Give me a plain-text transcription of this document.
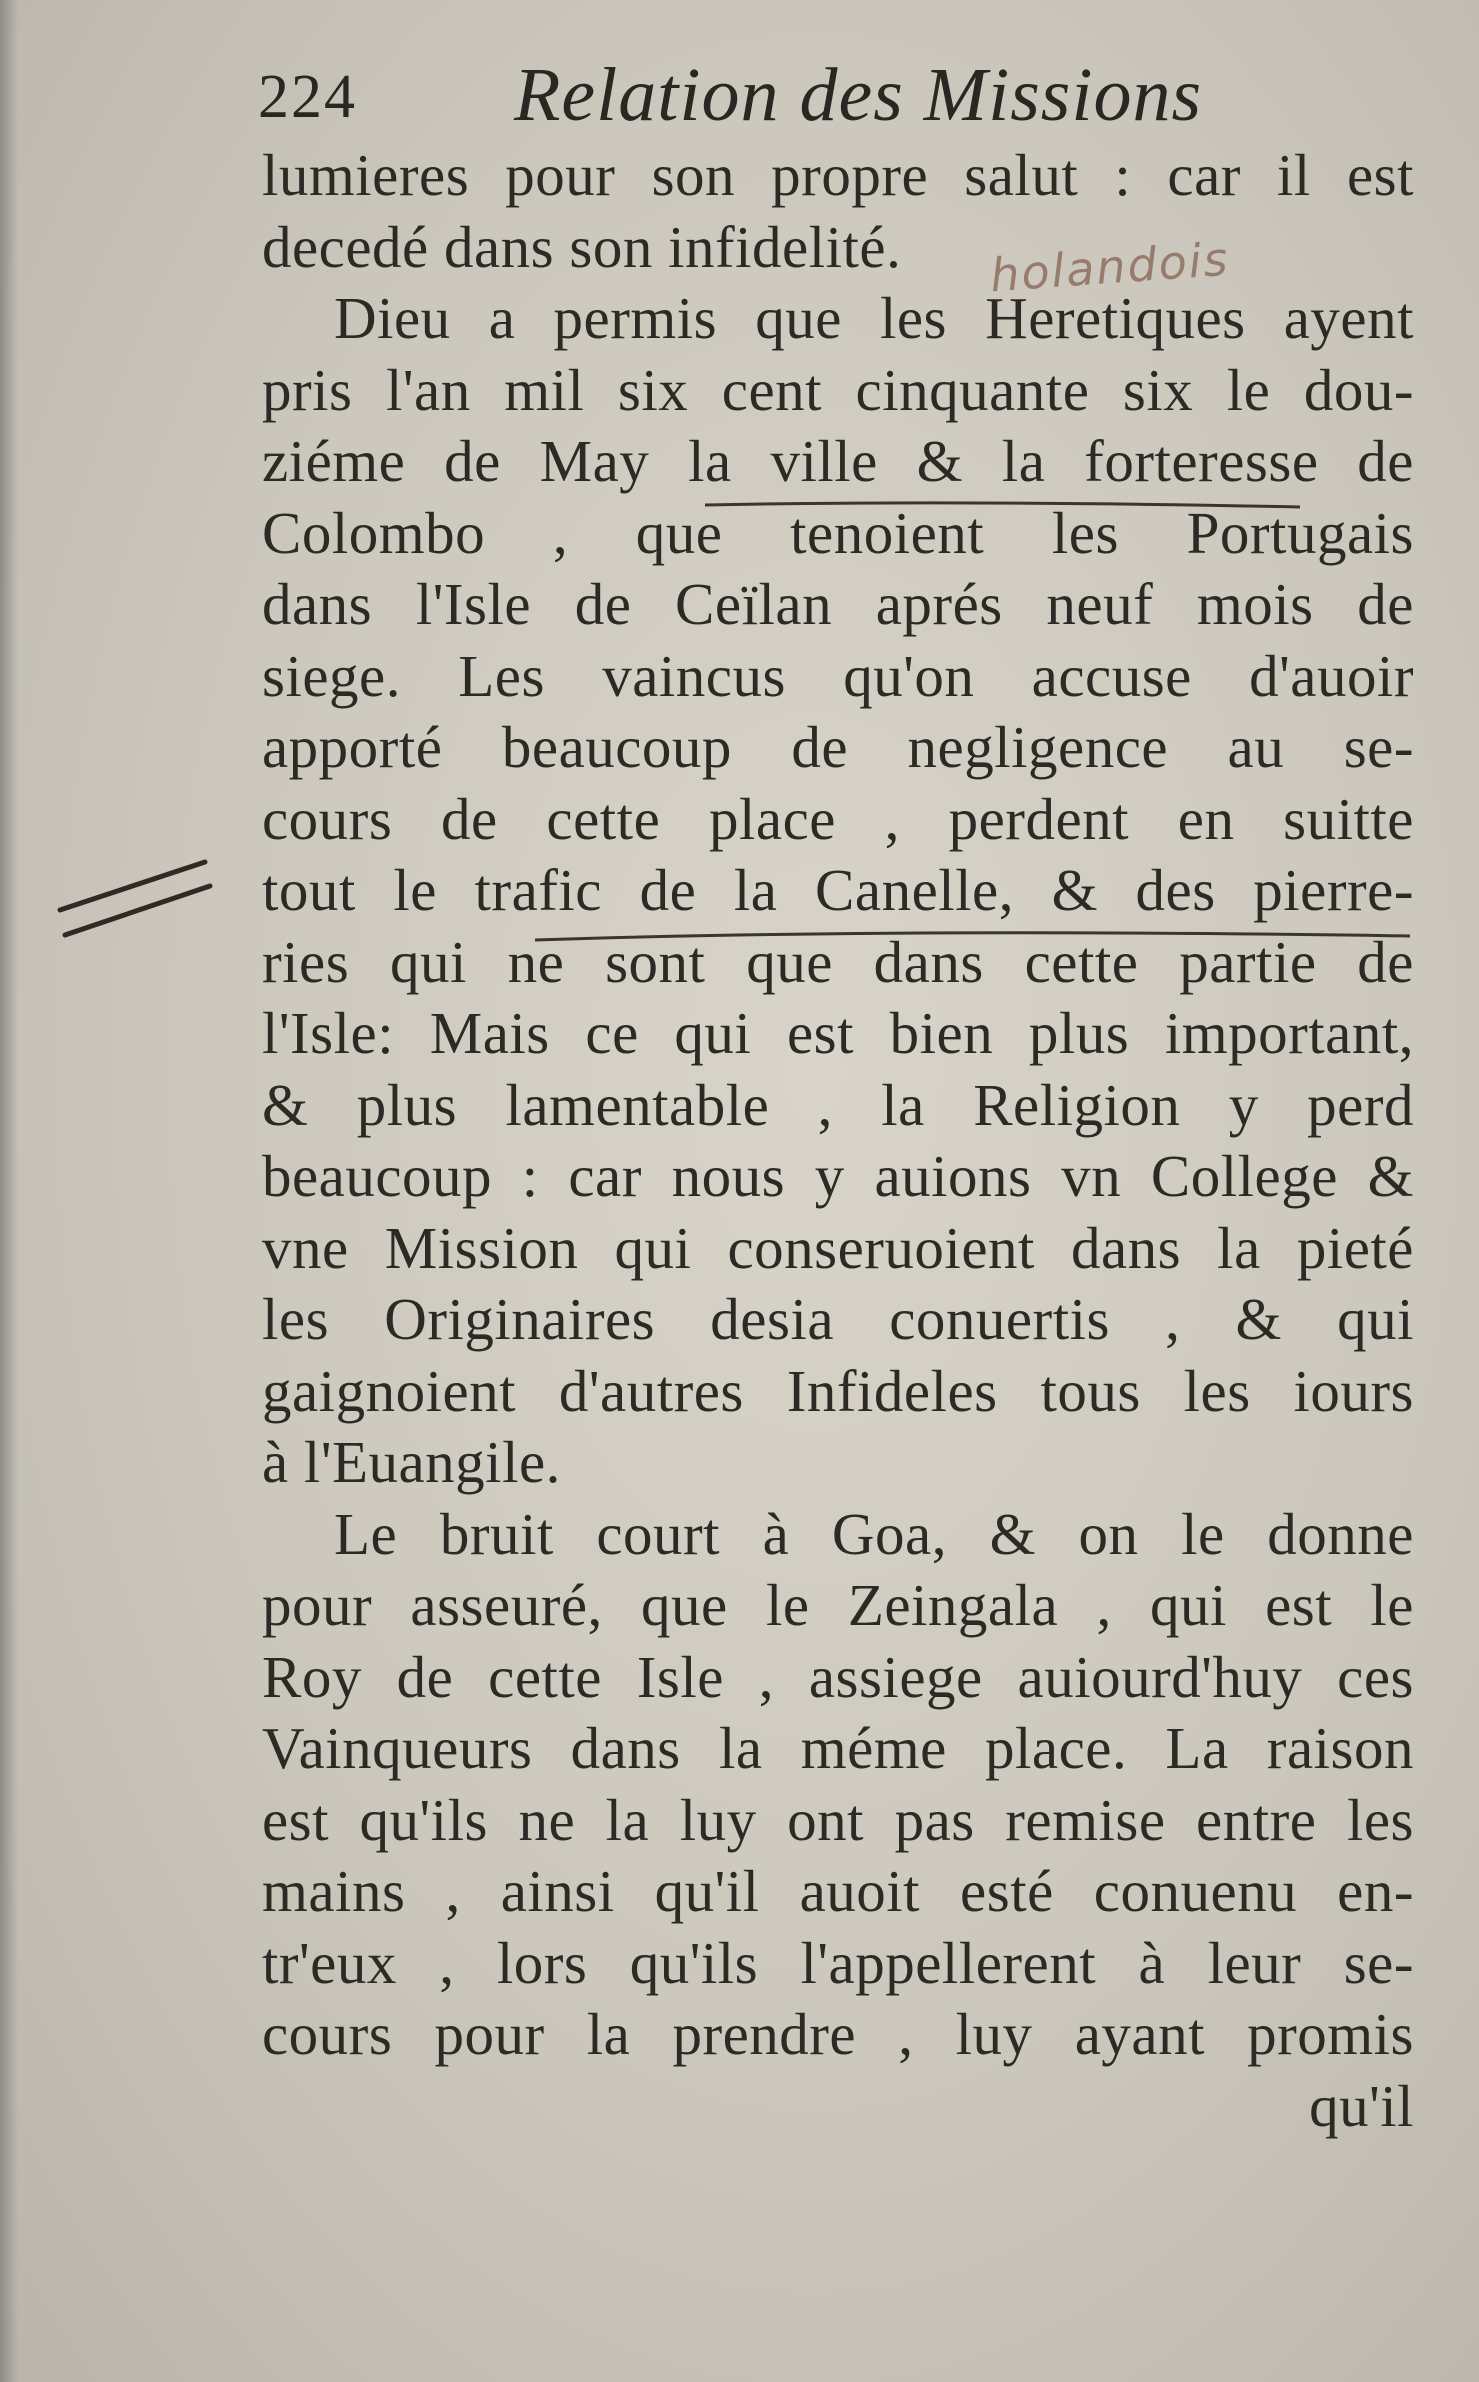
224 Relation des Missions
holandois
lumieres pour son propre salut : car il est
decedé dans son infidelité.
Dieu a permis que les Heretiques ayent
pris l'an mil six cent cinquante six le dou-
ziéme de May la ville & la forteresse de
Colombo , que tenoient les Portugais
dans l'Isle de Ceïlan aprés neuf mois de
siege. Les vaincus qu'on accuse d'auoir
apporté beaucoup de negligence au se-
cours de cette place , perdent en suitte
tout le trafic de la Canelle, & des pierre-
ries qui ne sont que dans cette partie de
l'Isle: Mais ce qui est bien plus important,
& plus lamentable , la Religion y perd
beaucoup : car nous y auions vn College &
vne Mission qui conseruoient dans la pieté
les Originaires desia conuertis , & qui
gaignoient d'autres Infideles tous les iours
à l'Euangile.
Le bruit court à Goa, & on le donne
pour asseuré, que le Zeingala , qui est le
Roy de cette Isle , assiege auiourd'huy ces
Vainqueurs dans la méme place. La raison
est qu'ils ne la luy ont pas remise entre les
mains , ainsi qu'il auoit esté conuenu en-
tr'eux , lors qu'ils l'appellerent à leur se-
cours pour la prendre , luy ayant promis
qu'il
